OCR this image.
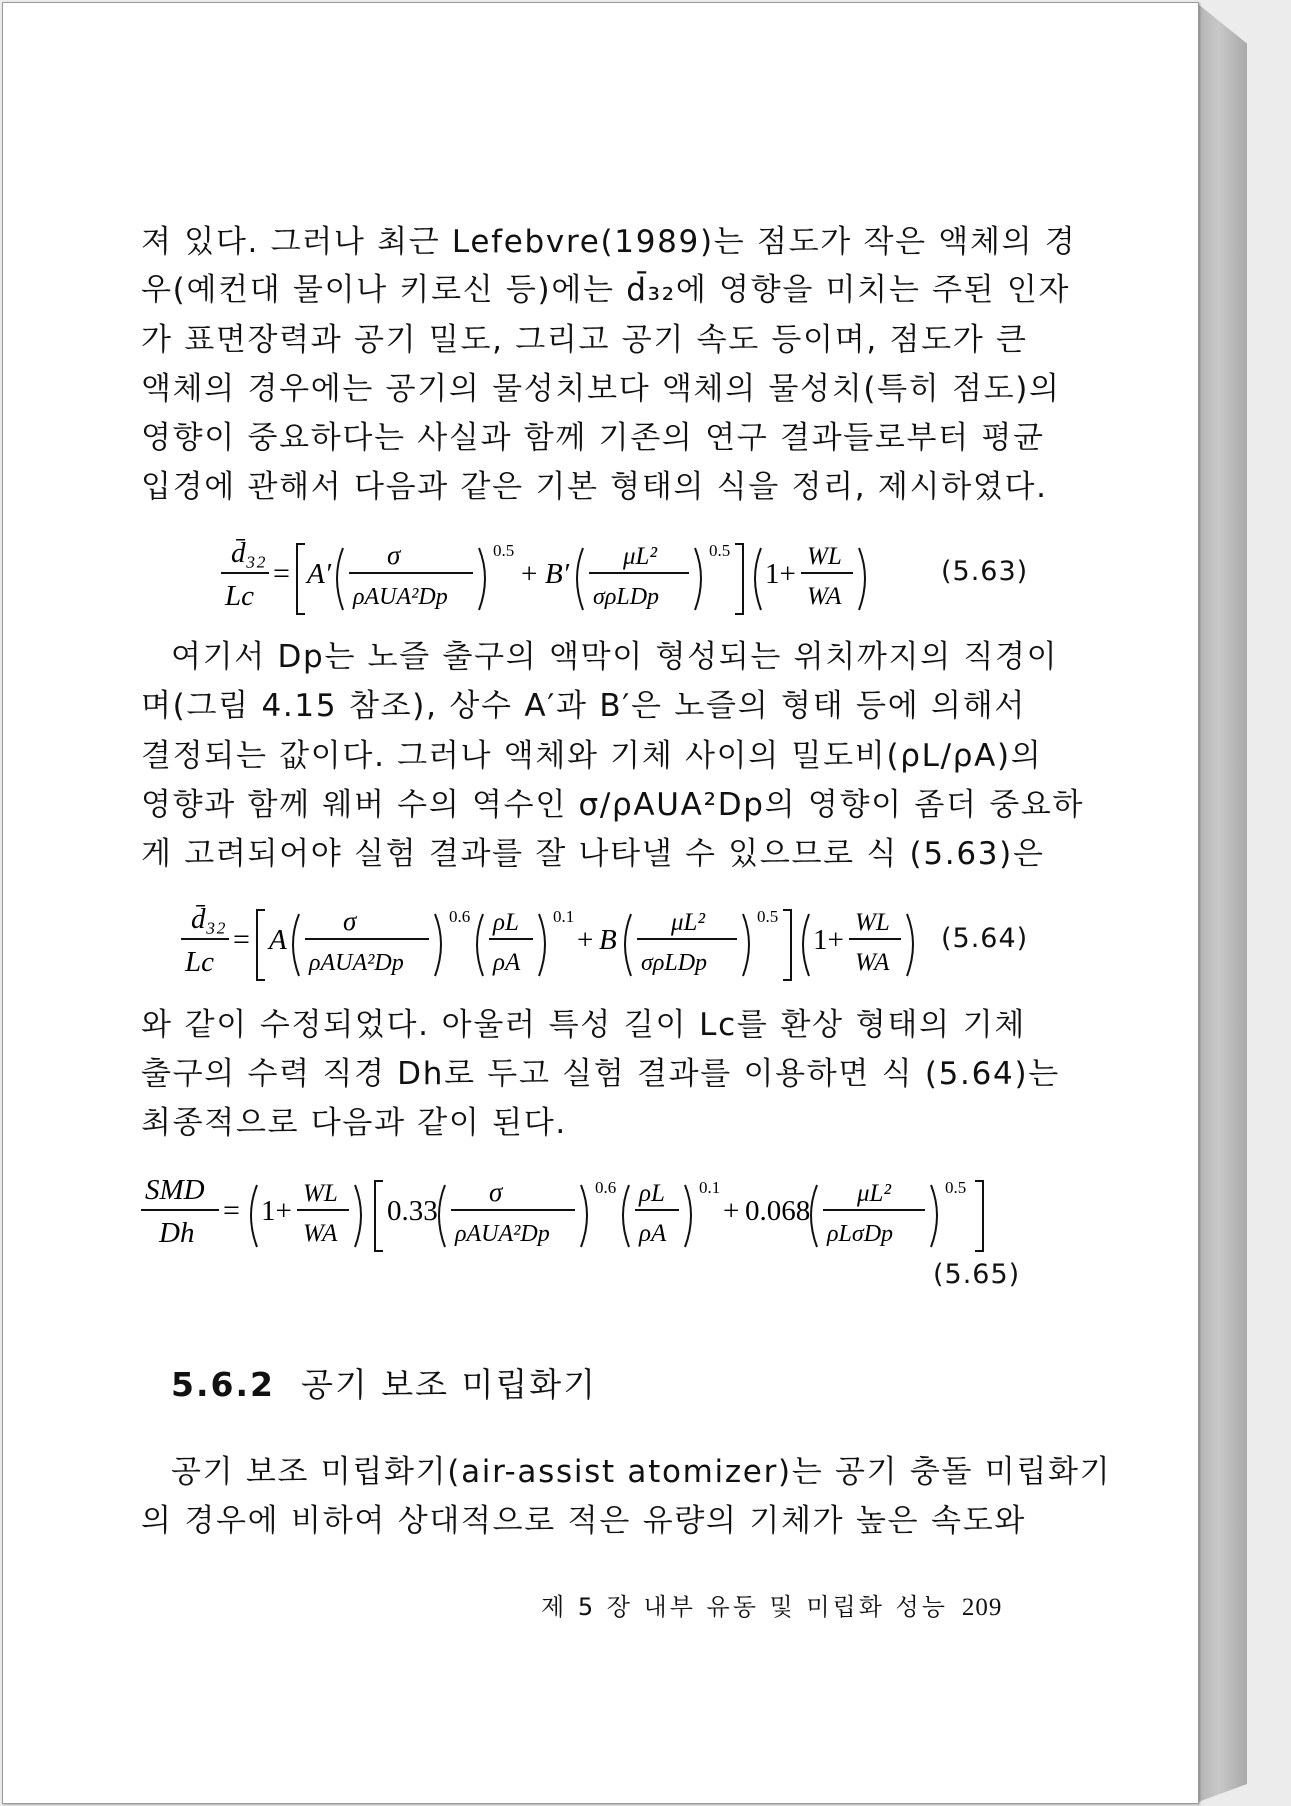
져 있다. 그러나 최근 Lefebvre(1989)는 점도가 작은 액체의 경
우(예컨대 물이나 키로신 등)에는 d̄₃₂에 영향을 미치는 주된 인자
가 표면장력과 공기 밀도, 그리고 공기 속도 등이며, 점도가 큰
액체의 경우에는 공기의 물성치보다 액체의 물성치(특히 점도)의
영향이 중요하다는 사실과 함께 기존의 연구 결과들로부터 평균
입경에 관해서 다음과 같은 기본 형태의 식을 정리, 제시하였다.
d̄₃₂
Lc
= A′
σ
ρAUA²Dp
0.5
+ B′
μL²
σρLDp
0.5
1+
WL
WA
(5.63)
여기서 Dp는 노즐 출구의 액막이 형성되는 위치까지의 직경이
며(그림 4.15 참조), 상수 A′과 B′은 노즐의 형태 등에 의해서
결정되는 값이다. 그러나 액체와 기체 사이의 밀도비(ρL/ρA)의
영향과 함께 웨버 수의 역수인 σ/ρAUA²Dp의 영향이 좀더 중요하
게 고려되어야 실험 결과를 잘 나타낼 수 있으므로 식 (5.63)은
d̄₃₂
Lc
= A
σ
ρAUA²Dp
0.6 ρL
ρA
0.1
+ B
μL²
σρLDp
0.5
1+
WL
WA
(5.64)
와 같이 수정되었다. 아울러 특성 길이 Lc를 환상 형태의 기체
출구의 수력 직경 Dh로 두고 실험 결과를 이용하면 식 (5.64)는
최종적으로 다음과 같이 된다.
SMD
Dh
= 1+
WL
WA
0.33
σ
ρAUA²Dp
0.6 ρL
ρA
0.1
+ 0.068
μL²
ρLσDp
0.5
(5.65)
5.6.2 공기 보조 미립화기
공기 보조 미립화기(air-assist atomizer)는 공기 충돌 미립화기
의 경우에 비하여 상대적으로 적은 유량의 기체가 높은 속도와
제 5 장 내부 유동 및 미립화 성능 209
